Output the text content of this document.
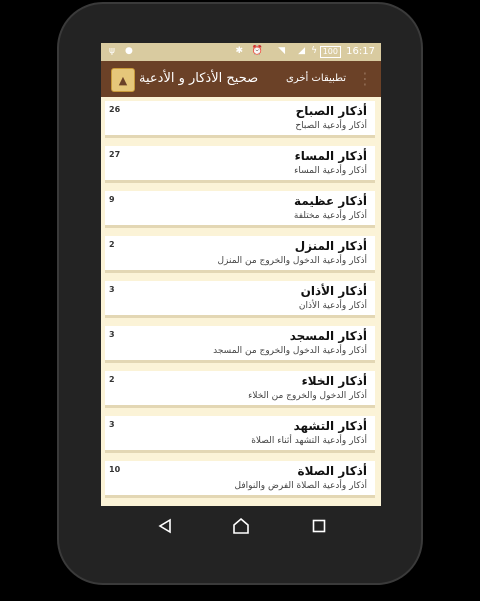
ψ ●	✱ ⏰ ◥ ◢ ϟ 100 16:17
▲ صحيح الأذكار و الأدعية	تطبيقات أخرى ⋮
26	أذكار الصباح
أذكار وأدعية الصباح
27	أذكار المساء
أذكار وأدعية المساء
9	أذكار عظيمة
أذكار وأدعية مختلفة
2	أذكار المنزل
أذكار وأدعية الدخول والخروج من المنزل
3	أذكار الأذان
أذكار وأدعية الأذان
3	أذكار المسجد
أذكار وأدعية الدخول والخروج من المسجد
2	أذكار الخلاء
أذكار الدخول والخروج من الخلاء
3	أذكار التشهد
أذكار وأدعية التشهد أثناء الصلاة
10	أذكار الصلاة
أذكار وأدعية الصلاة الفرض والنوافل
